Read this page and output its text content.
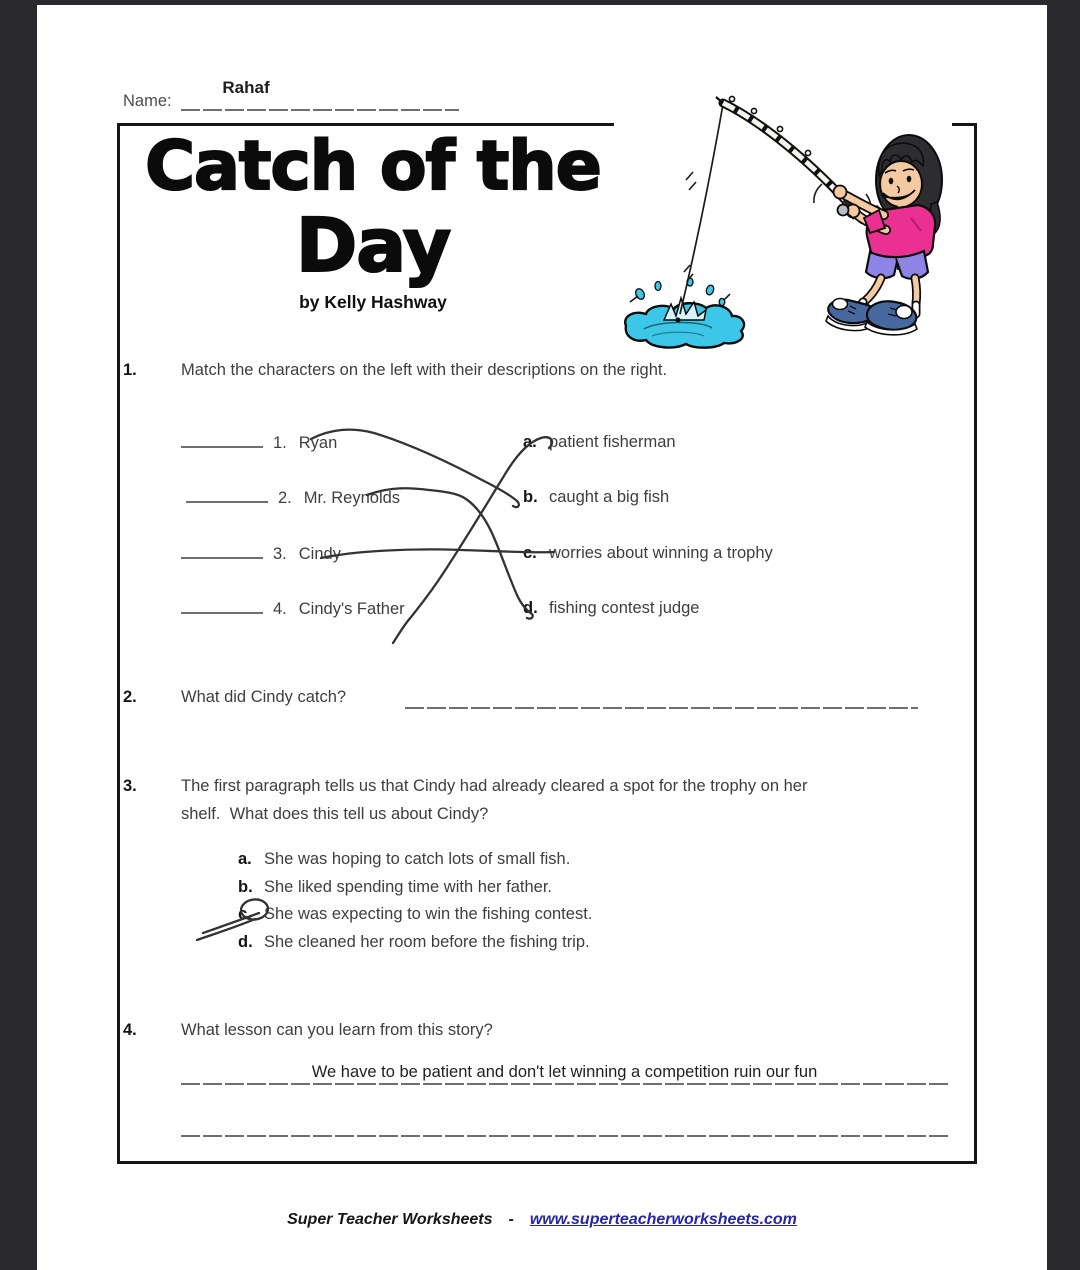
Name:
Rahaf
Catch of the
Day
by Kelly Hashway
1.	Match the characters on the left with their descriptions on the right.
1. Ryan
2. Mr. Reynolds
3. Cindy
4. Cindy's Father
a. patient fisherman
b. caught a big fish
c. worries about winning a trophy
d. fishing contest judge
2.	What did Cindy catch?
3.	The first paragraph tells us that Cindy had already cleared a spot for the trophy on her
shelf.  What does this tell us about Cindy?
a. She was hoping to catch lots of small fish.
b. She liked spending time with her father.
c. She was expecting to win the fishing contest.
d. She cleaned her room before the fishing trip.
4.	What lesson can you learn from this story?
We have to be patient and don't let winning a competition ruin our fun
Super Teacher Worksheets - www.superteacherworksheets.com
